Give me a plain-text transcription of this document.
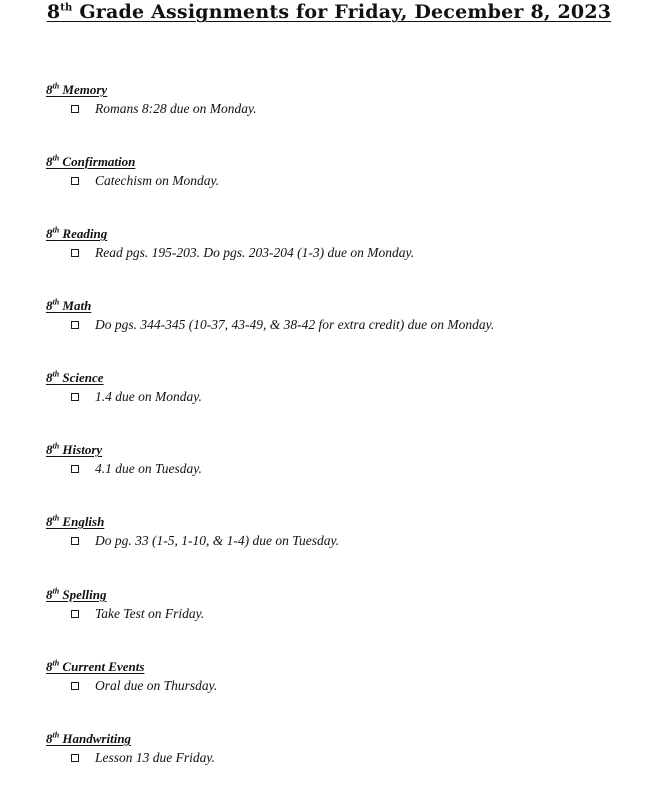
8th Grade Assignments for Friday, December 8, 2023
8th Memory
Romans 8:28 due on Monday.
8th Confirmation
Catechism on Monday.
8th Reading
Read pgs. 195-203. Do pgs. 203-204 (1-3) due on Monday.
8th Math
Do pgs. 344-345 (10-37, 43-49, & 38-42 for extra credit) due on Monday.
8th Science
1.4 due on Monday.
8th History
4.1 due on Tuesday.
8th English
Do pg. 33 (1-5, 1-10, & 1-4) due on Tuesday.
8th Spelling
Take Test on Friday.
8th Current Events
Oral due on Thursday.
8th Handwriting
Lesson 13 due Friday.
